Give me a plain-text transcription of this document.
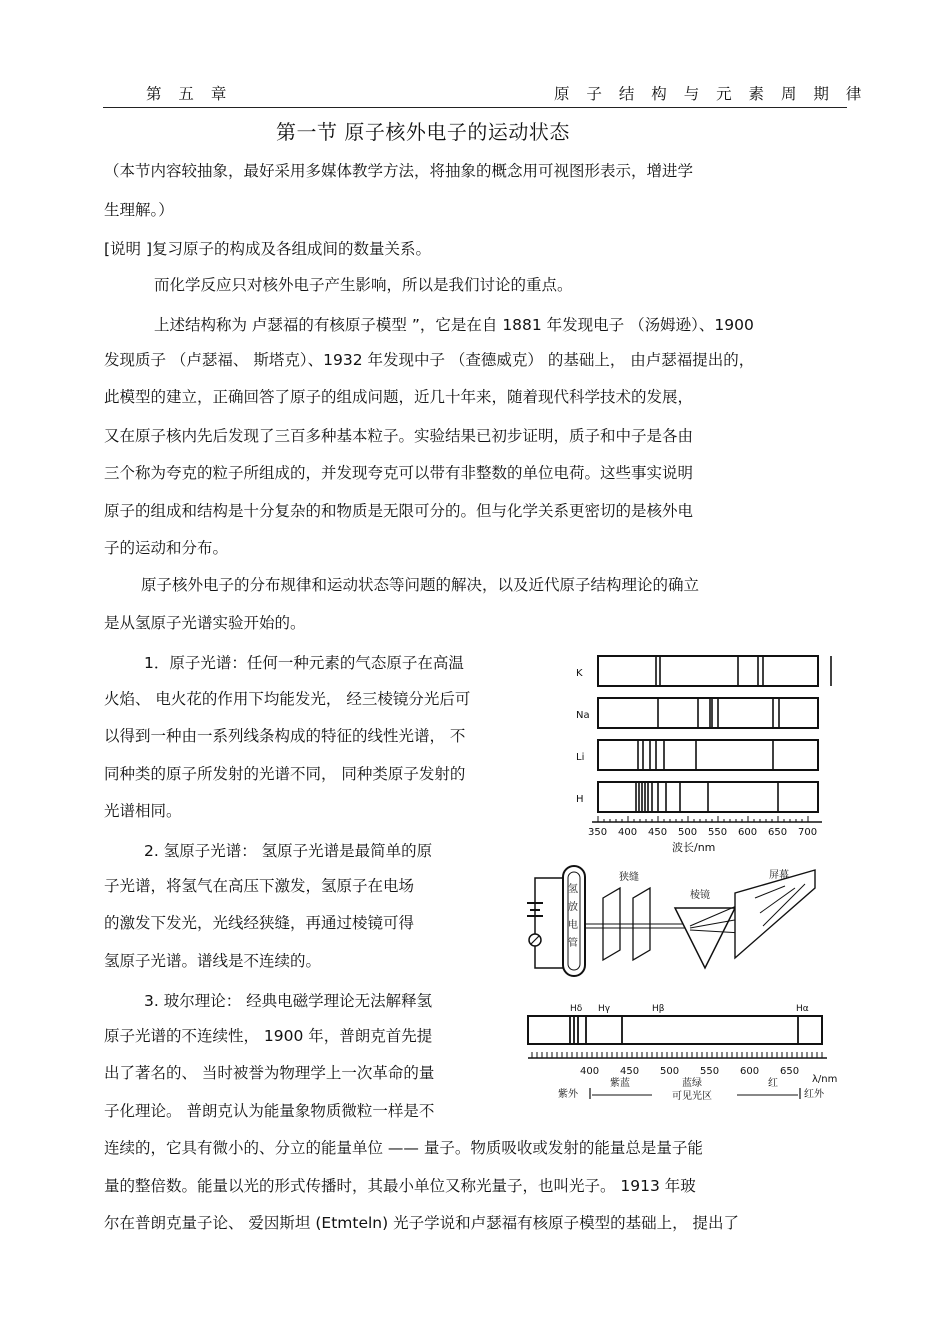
第 五 章	原 子 结 构 与 元 素 周 期 律
第一节 原子核外电子的运动状态
（本节内容较抽象，最好采用多媒体教学方法，将抽象的概念用可视图形表示，增进学
生理解。）
[说明 ]复习原子的构成及各组成间的数量关系。
而化学反应只对核外电子产生影响，所以是我们讨论的重点。
上述结构称为 卢瑟福的有核原子模型 ”，它是在自 1881 年发现电子 （汤姆逊）、1900
发现质子 （卢瑟福、 斯塔克）、1932 年发现中子 （查德威克） 的基础上， 由卢瑟福提出的，
此模型的建立，正确回答了原子的组成问题，近几十年来，随着现代科学技术的发展，
又在原子核内先后发现了三百多种基本粒子。实验结果已初步证明，质子和中子是各由
三个称为夸克的粒子所组成的，并发现夸克可以带有非整数的单位电荷。这些事实说明
原子的组成和结构是十分复杂的和物质是无限可分的。但与化学关系更密切的是核外电
子的运动和分布。
原子核外电子的分布规律和运动状态等问题的解决，以及近代原子结构理论的确立
是从氢原子光谱实验开始的。
1．原子光谱：任何一种元素的气态原子在高温
火焰、 电火花的作用下均能发光， 经三棱镜分光后可
以得到一种由一系列线条构成的特征的线性光谱， 不
同种类的原子所发射的光谱不同， 同种类原子发射的
光谱相同。
2. 氢原子光谱： 氢原子光谱是最简单的原
子光谱，将氢气在高压下激发，氢原子在电场
的激发下发光，光线经狭缝，再通过棱镜可得
氢原子光谱。谱线是不连续的。
3. 玻尔理论： 经典电磁学理论无法解释氢
原子光谱的不连续性， 1900 年，普朗克首先提
出了著名的、 当时被誉为物理学上一次革命的量
子化理论。 普朗克认为能量象物质微粒一样是不
连续的，它具有微小的、分立的能量单位 —— 量子。物质吸收或发射的能量总是量子能
量的整倍数。能量以光的形式传播时，其最小单位又称光量子，也叫光子。 1913 年玻
尔在普朗克量子论、 爱因斯坦 (Etmteln) 光子学说和卢瑟福有核原子模型的基础上， 提出了
K
Na
Li
H
350 400 450 500 550 600 650 700
波长/nm
氢
放
电
管
狭缝
棱镜
屏幕
Hδ Hγ	Hβ	Hα
400 450 500 550 600 650
λ/nm
紫外
紫蓝	蓝绿	红
红外
可见光区
